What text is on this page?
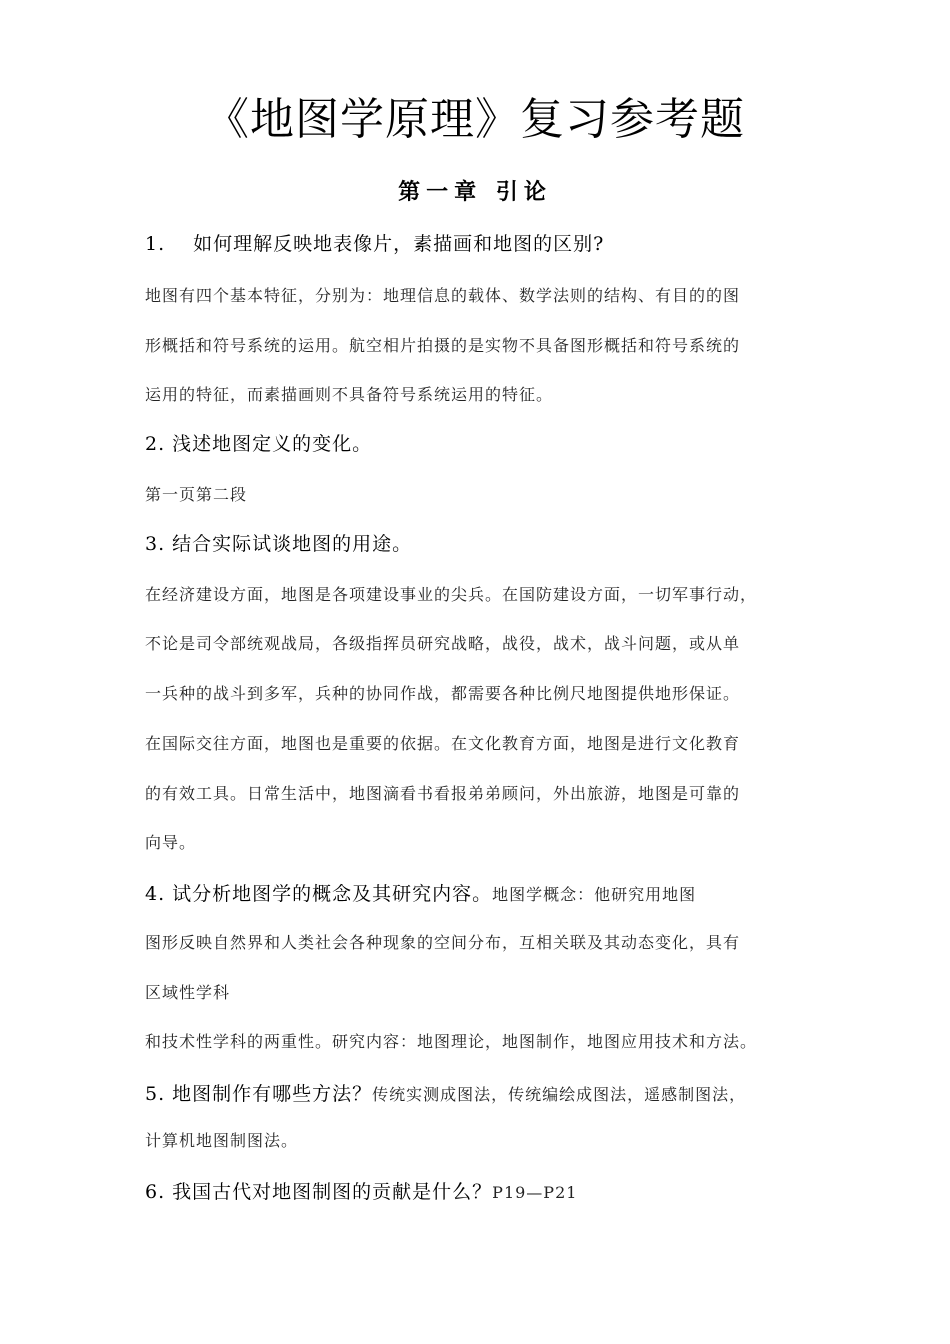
《地图学原理》复习参考题
第一章 引论
1. 如何理解反映地表像片，素描画和地图的区别?
地图有四个基本特征，分别为：地理信息的载体、数学法则的结构、有目的的图
形概括和符号系统的运用。航空相片拍摄的是实物不具备图形概括和符号系统的
运用的特征，而素描画则不具备符号系统运用的特征。
2. 浅述地图定义的变化。
第一页第二段
3. 结合实际试谈地图的用途。
在经济建设方面，地图是各项建设事业的尖兵。在国防建设方面，一切军事行动，
不论是司令部统观战局，各级指挥员研究战略，战役，战术，战斗问题，或从单
一兵种的战斗到多军，兵种的协同作战，都需要各种比例尺地图提供地形保证。
在国际交往方面，地图也是重要的依据。在文化教育方面，地图是进行文化教育
的有效工具。日常生活中，地图滴看书看报弟弟顾问，外出旅游，地图是可靠的
向导。
4. 试分析地图学的概念及其研究内容。地图学概念：他研究用地图
图形反映自然界和人类社会各种现象的空间分布，互相关联及其动态变化，具有
区域性学科
和技术性学科的两重性。研究内容：地图理论，地图制作，地图应用技术和方法。
5. 地图制作有哪些方法？传统实测成图法，传统编绘成图法，遥感制图法，
计算机地图制图法。
6. 我国古代对地图制图的贡献是什么？P19—P21
